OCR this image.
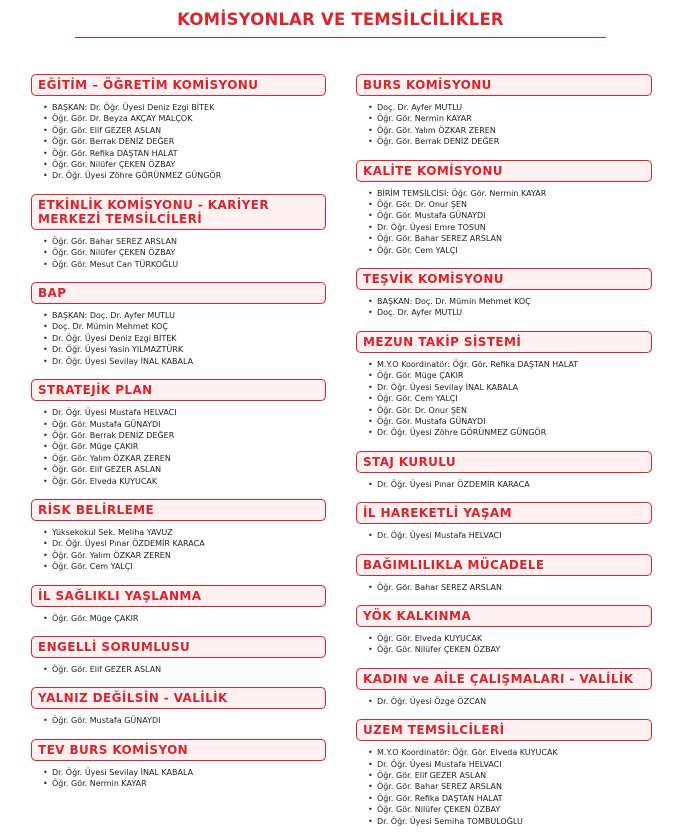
KOMİSYONLAR VE TEMSİLCİLİKLER
EĞİTİM – ÖĞRETİM KOMİSYONU
• BAŞKAN: Dr. Öğr. Üyesi Deniz Ezgi BİTEK
• Öğr. Gör. Dr. Beyza AKÇAY MALÇOK
• Öğr. Gör. Elif GEZER ASLAN
• Öğr. Gör. Berrak DENİZ DEĞER
• Öğr. Gör. Refika DAŞTAN HALAT
• Öğr. Gör. Nilüfer ÇEKEN ÖZBAY
• Dr. Öğr. Üyesi Zöhre GÖRÜNMEZ GÜNGÖR
ETKİNLİK KOMİSYONU - KARİYER MERKEZİ TEMSİLCİLERİ
• Öğr. Gör. Bahar SEREZ ARSLAN
• Öğr. Gör. Nilüfer ÇEKEN ÖZBAY
• Öğr. Gör. Mesut Can TÜRKOĞLU
BAP
• BAŞKAN: Doç. Dr. Ayfer MUTLU
• Doç. Dr. Mümin Mehmet KOÇ
• Dr. Öğr. Üyesi Deniz Ezgi BİTEK
• Dr. Öğr. Üyesi Yasin YILMAZTÜRK
• Dr. Öğr. Üyesi Sevilay İNAL KABALA
STRATEJİK PLAN
• Dr. Öğr. Üyesi Mustafa HELVACI
• Öğr. Gör. Mustafa GÜNAYDI
• Öğr. Gör. Berrak DENİZ DEĞER
• Öğr. Gör. Müge ÇAKIR
• Öğr. Gör. Yalım ÖZKAR ZEREN
• Öğr. Gör. Elif GEZER ASLAN
• Öğr. Gör. Elveda KUYUCAK
RİSK BELİRLEME
• Yüksekokul Sek. Meliha YAVUZ
• Dr. Öğr. Üyesi Pınar ÖZDEMİR KARACA
• Öğr. Gör. Yalım ÖZKAR ZEREN
• Öğr. Gör. Cem YALÇI
İL SAĞLIKLI YAŞLANMA
• Öğr. Gör. Müge ÇAKIR
ENGELLİ SORUMLUSU
• Öğr. Gör. Elif GEZER ASLAN
YALNIZ DEĞİLSİN - VALİLİK
• Öğr. Gör. Mustafa GÜNAYDI
TEV BURS KOMİSYON
• Dr. Öğr. Üyesi Sevilay İNAL KABALA
• Öğr. Gör. Nermin KAYAR
BURS KOMİSYONU
• Doç. Dr. Ayfer MUTLU
• Öğr. Gör. Nermin KAYAR
• Öğr. Gör. Yalım ÖZKAR ZEREN
• Öğr. Gör. Berrak DENİZ DEĞER
KALİTE KOMİSYONU
• BİRİM TEMSİLCİSİ: Öğr. Gör. Nermin KAYAR
• Öğr. Gör. Dr. Onur ŞEN
• Öğr. Gör. Mustafa GÜNAYDI
• Dr. Öğr. Üyesi Emre TOSUN
• Öğr. Gör. Bahar SEREZ ARSLAN
• Öğr. Gör. Cem YALÇI
TEŞVİK KOMİSYONU
• BAŞKAN: Doç. Dr. Mümin Mehmet KOÇ
• Doç. Dr. Ayfer MUTLU
MEZUN TAKİP SİSTEMİ
• M.Y.O Koordinatör: Öğr. Gör. Refika DAŞTAN HALAT
• Öğr. Gör. Müge ÇAKIR
• Dr. Öğr. Üyesi Sevilay İNAL KABALA
• Öğr. Gör. Cem YALÇI
• Öğr. Gör. Dr. Onur ŞEN
• Öğr. Gör. Mustafa GÜNAYDI
• Dr. Öğr. Üyesi Zöhre GÖRÜNMEZ GÜNGÖR
STAJ KURULU
• Dr. Öğr. Üyesi Pınar ÖZDEMİR KARACA
İL HAREKETLİ YAŞAM
• Dr. Öğr. Üyesi Mustafa HELVACI
BAĞIMLILIKLA MÜCADELE
• Öğr. Gör. Bahar SEREZ ARSLAN
YÖK KALKINMA
• Öğr. Gör. Elveda KUYUCAK
• Öğr. Gör. Nilüfer ÇEKEN ÖZBAY
KADIN ve AİLE ÇALIŞMALARI - VALİLİK
• Dr. Öğr. Üyesi Özge ÖZCAN
UZEM TEMSİLCİLERİ
• M.Y.O Koordinatör: Öğr. Gör. Elveda KUYUCAK
• Dr. Öğr. Üyesi Mustafa HELVACI
• Öğr. Gör. Elif GEZER ASLAN
• Öğr. Gör. Bahar SEREZ ARSLAN
• Öğr. Gör. Refika DAŞTAN HALAT
• Öğr. Gör. Nilüfer ÇEKEN ÖZBAY
• Dr. Öğr. Üyesi Semiha TOMBULOĞLU
